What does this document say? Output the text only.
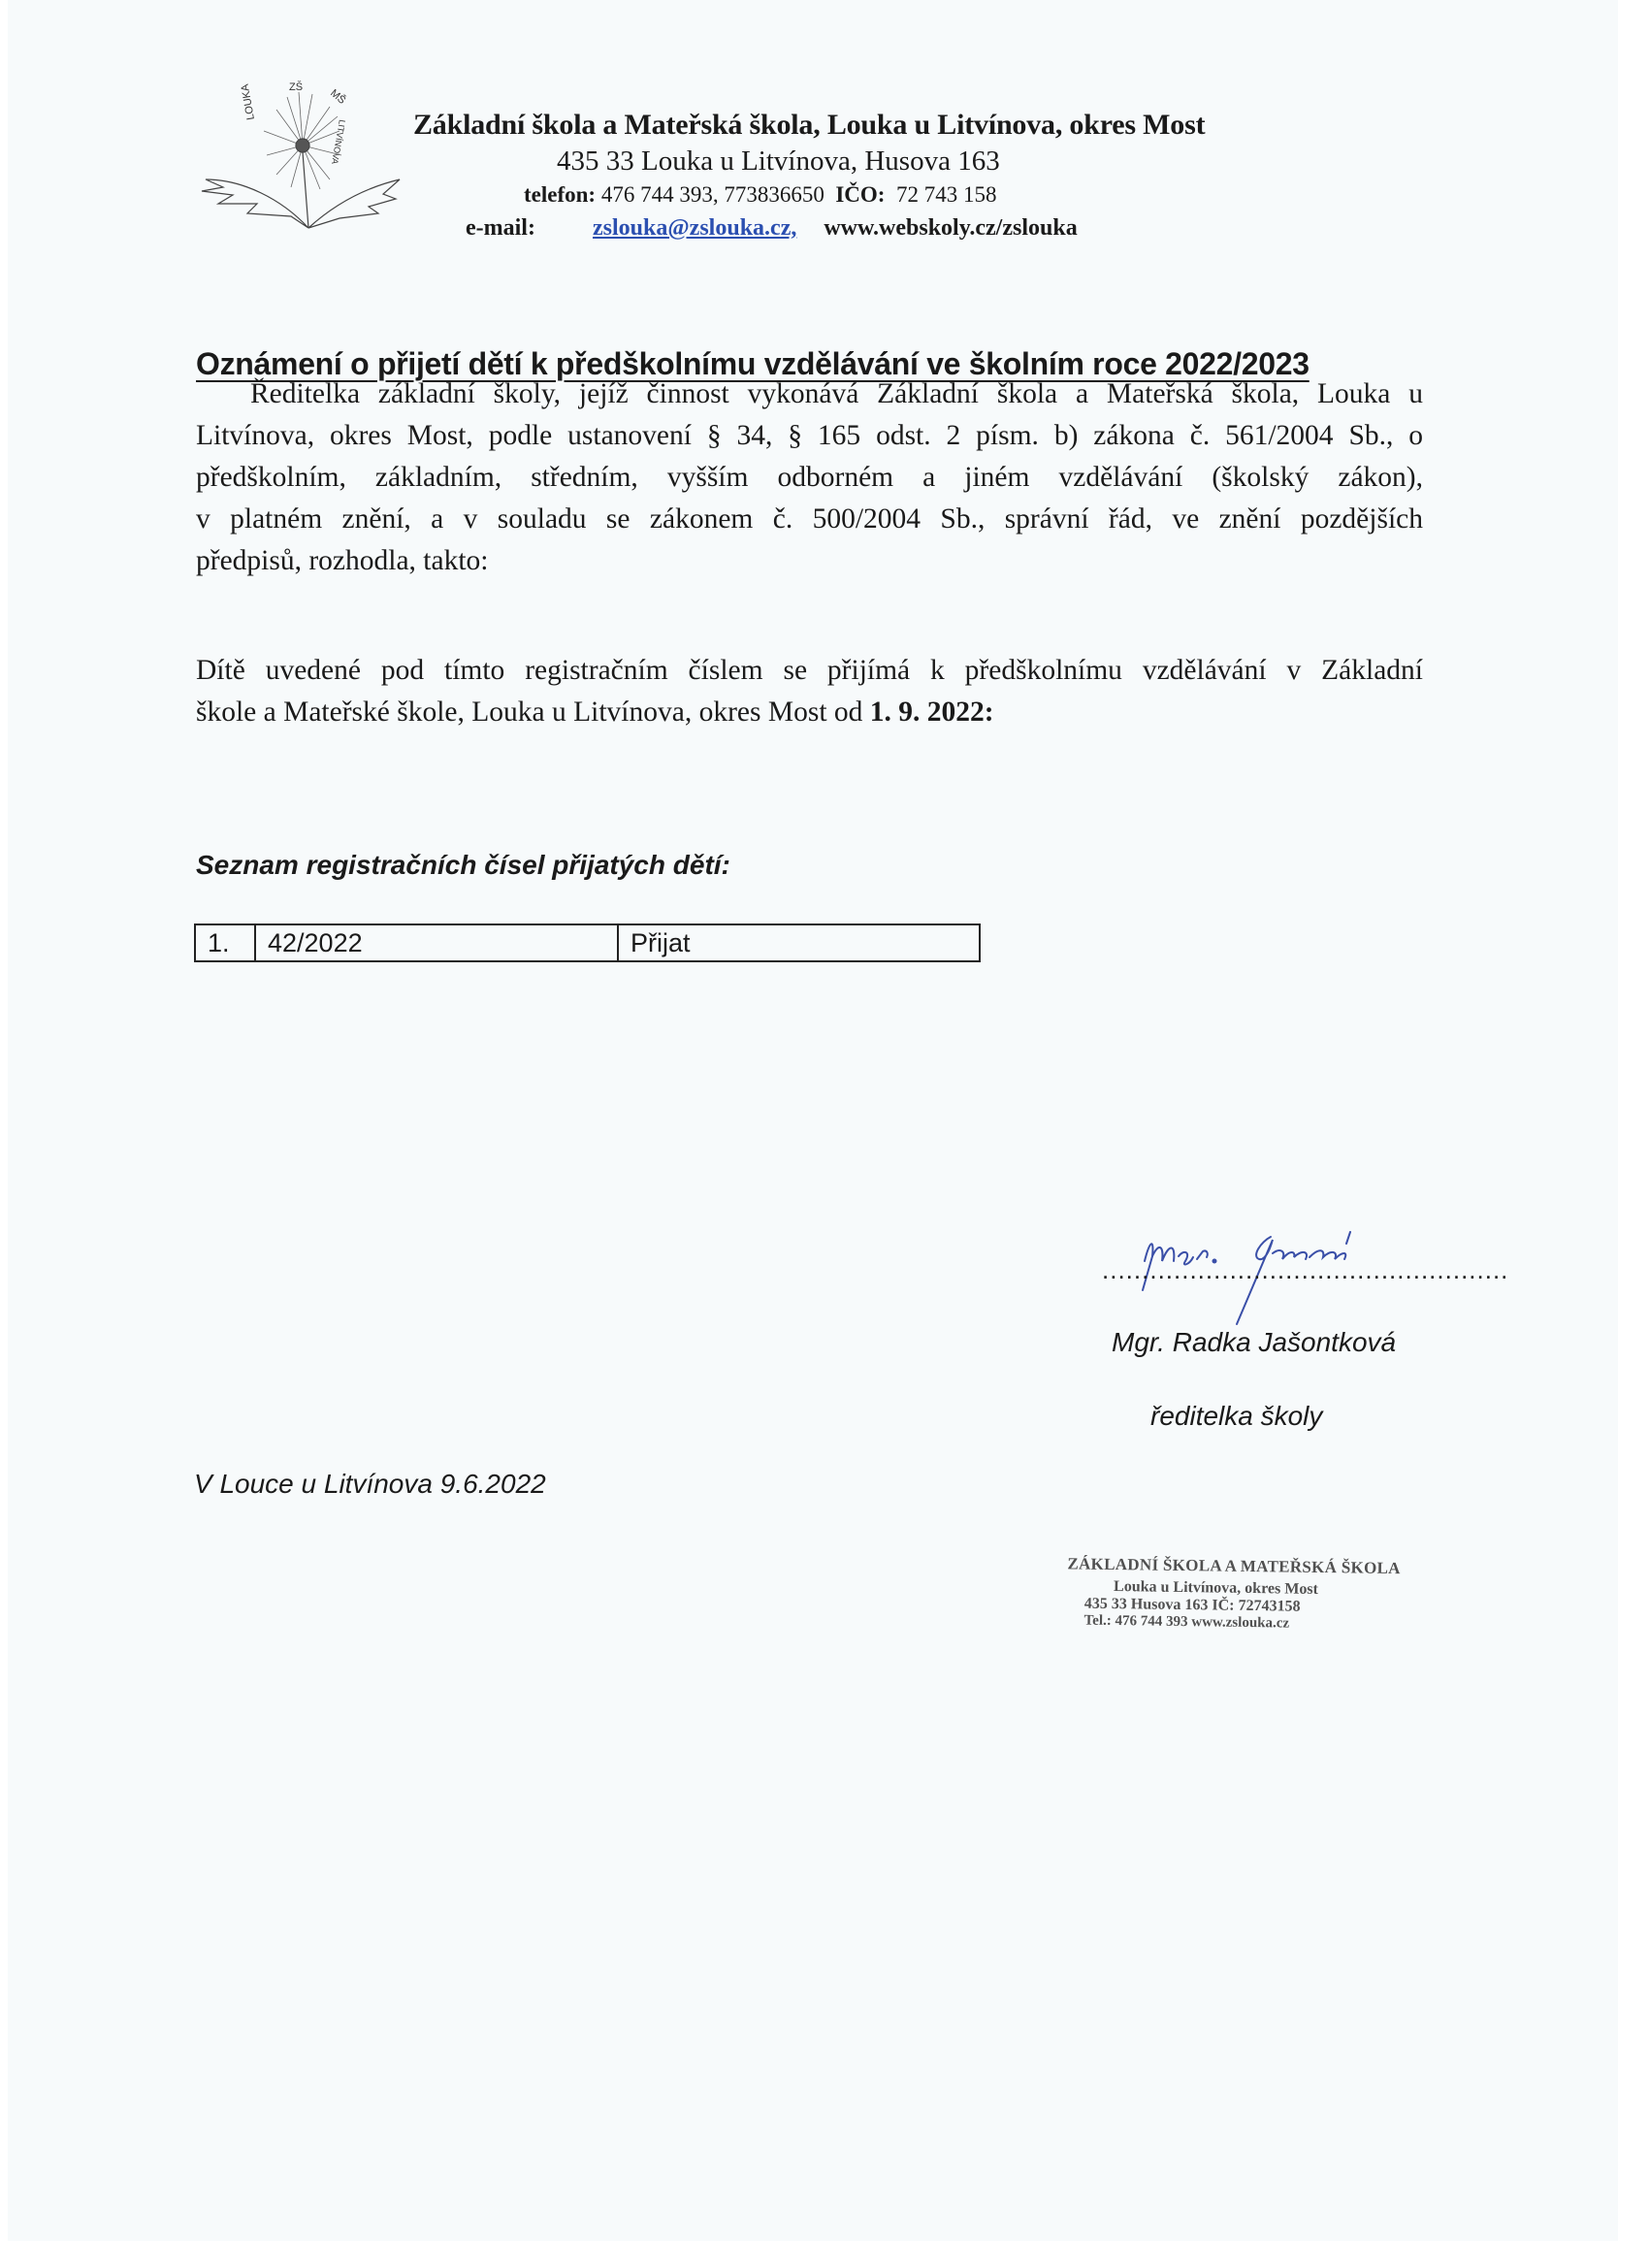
ZŠ
MŠ
LOUKA
LITVÍNOVA Základní škola a Mateřská škola, Louka u Litvínova, okres Most
435 33 Louka u Litvínova, Husova 163
telefon: 476 744 393, 773836650 IČO: 72 743 158
e-mail: zslouka@zslouka.cz, www.webskoly.cz/zslouka
Oznámení o přijetí dětí k předškolnímu vzdělávání ve školním roce 2022/2023
Ředitelka základní školy, jejíž činnost vykonává Základní škola a Mateřská škola, Louka u
Litvínova, okres Most, podle ustanovení § 34, § 165 odst. 2 písm. b) zákona č. 561/2004 Sb., o
předškolním, základním, středním, vyšším odborném a jiném vzdělávání (školský zákon),
v platném znění, a v souladu se zákonem č. 500/2004 Sb., správní řád, ve znění pozdějších
předpisů, rozhodla, takto:
Dítě uvedené pod tímto registračním číslem se přijímá k předškolnímu vzdělávání v Základní
škole a Mateřské škole, Louka u Litvínova, okres Most od 1. 9. 2022:
Seznam registračních čísel přijatých dětí:
1.	42/2022	Přijat
...................................................
Mgr. Radka Jašontková
ředitelka školy
V Louce u Litvínova 9.6.2022
ZÁKLADNÍ ŠKOLA A MATEŘSKÁ ŠKOLA
Louka u Litvínova, okres Most
435 33 Husova 163 IČ: 72743158
Tel.: 476 744 393 www.zslouka.cz
